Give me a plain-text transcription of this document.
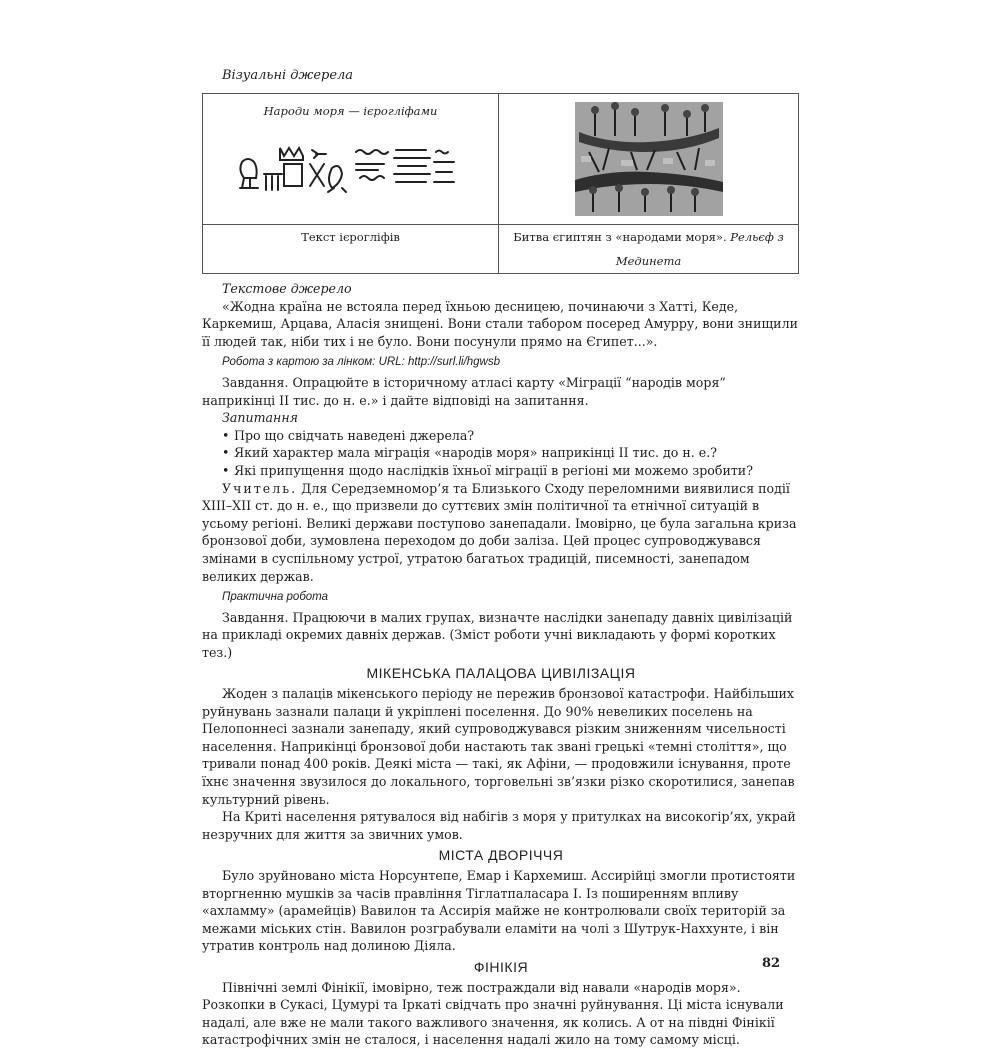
Візуальні джерела
Народи моря — ієрогліфами

Текст ієрогліфів	Битва єгиптян з «народами моря». Рельєф з Мединета
Текстове джерело

«Жодна країна не встояла перед їхньою десницею, починаючи з Хатті, Кеде, Каркемиш, Арцава, Аласія знищені. Вони стали табором посеред Амурру, вони знищили її людей так, ніби тих і не було. Вони посунули прямо на Єгипет...».

Робота з картою за лінком: URL: http://surl.li/hgwsb

Завдання. Опрацюйте в історичному атласі карту «Міграції “народів моря” наприкінці II тис. до н. е.» і дайте відповіді на запитання.

Запитання
• Про що свідчать наведені джерела?
• Який характер мала міграція «народів моря» наприкінці II тис. до н. е.?
• Які припущення щодо наслідків їхньої міграції в регіоні ми можемо зробити?

Учитель. Для Середземномор’я та Близького Сходу переломними виявилися події XIII–XII ст. до н. е., що призвели до суттєвих змін політичної та етнічної ситуацій в усьому регіоні. Великі держави поступово занепадали. Імовірно, це була загальна криза бронзової доби, зумовлена переходом до доби заліза. Цей процес супроводжувався змінами в суспільному устрої, утратою багатьох традицій, писемності, занепадом великих держав.

Практична робота

Завдання. Працюючи в малих групах, визначте наслідки занепаду давніх цивілізацій на прикладі окремих давніх держав. (Зміст роботи учні викладають у формі коротких тез.)

МІКЕНСЬКА ПАЛАЦОВА ЦИВІЛІЗАЦІЯ

Жоден з палаців мікенського періоду не пережив бронзової катастрофи. Найбільших руйнувань зазнали палаци й укріплені поселення. До 90% невеликих поселень на Пелопоннесі зазнали занепаду, який супроводжувався різким зниженням чисельності населення. Наприкінці бронзової доби настають так звані грецькі «темні століття», що тривали понад 400 років. Деякі міста — такі, як Афіни, — продовжили існування, проте їхнє значення звузилося до локального, торговельні зв’язки різко скоротилися, занепав культурний рівень.

На Криті населення рятувалося від набігів з моря у притулках на високогір’ях, украй незручних для життя за звичних умов.

МІСТА ДВОРІЧЧЯ

Було зруйновано міста Норсунтепе, Емар і Кархемиш. Ассирійці змогли протистояти вторгненню мушків за часів правління Тіглатпаласара І. Із поширенням впливу «ахламму» (арамейців) Вавилон та Ассирія майже не контролювали своїх територій за межами міських стін. Вавилон розграбували еламіти на чолі з Шутрук-Наххунте, і він утратив контроль над долиною Діяла.

ФІНІКІЯ

Північні землі Фінікії, імовірно, теж постраждали від навали «народів моря». Розкопки в Сукасі, Цумурі та Іркаті свідчать про значні руйнування. Ці міста існували надалі, але вже не мали такого важливого значення, як колись. А от на півдні Фінікії катастрофічних змін не сталося, і населення надалі жило на тому самому місці.

82
